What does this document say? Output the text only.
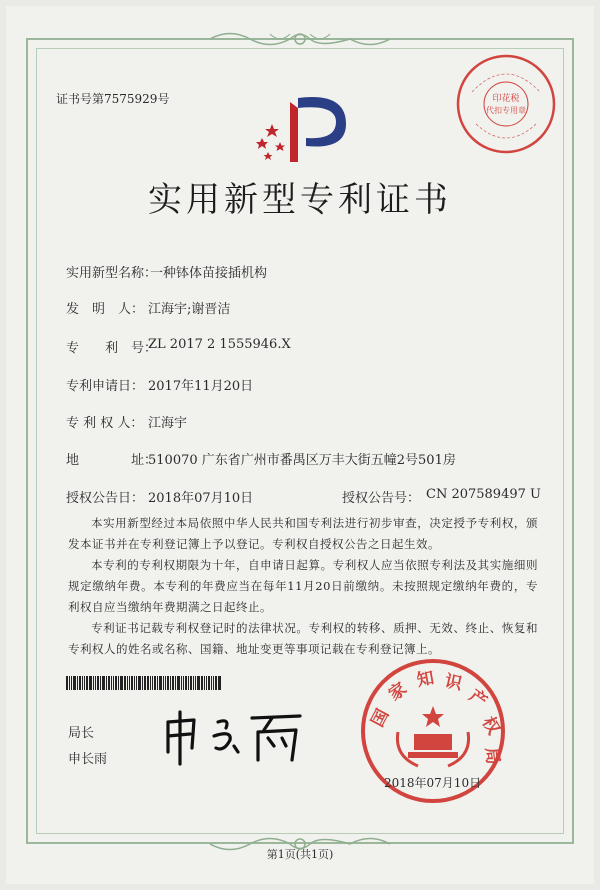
证书号第7575929号	印花税
代扣专用章
实用新型专利证书
实用新型名称：
一种钵体苗接插机构
发　明　人： 江海宇;谢晋洁
专　　利　号：
ZL 2017 2 1555946.X
专利申请日： 2017年11月20日
专 利 权 人： 江海宇
地　　　　址：
510070 广东省广州市番禺区万丰大街五幢2号501房
授权公告日： 2018年07月10日	授权公告号： CN 207589497 U
本实用新型经过本局依照中华人民共和国专利法进行初步审查，决定授予专利权，颁发本证书并在专利登记簿上予以登记。专利权自授权公告之日起生效。
本专利的专利权期限为十年，自申请日起算。专利权人应当依照专利法及其实施细则规定缴纳年费。本专利的年费应当在每年11月20日前缴纳。未按照规定缴纳年费的，专利权自应当缴纳年费期满之日起终止。
专利证书记载专利权登记时的法律状况。专利权的转移、质押、无效、终止、恢复和专利权人的姓名或名称、国籍、地址变更等事项记载在专利登记簿上。
局长
申长雨
国
家 知 识
产
权
局
2018年07月10日
第1页(共1页)
